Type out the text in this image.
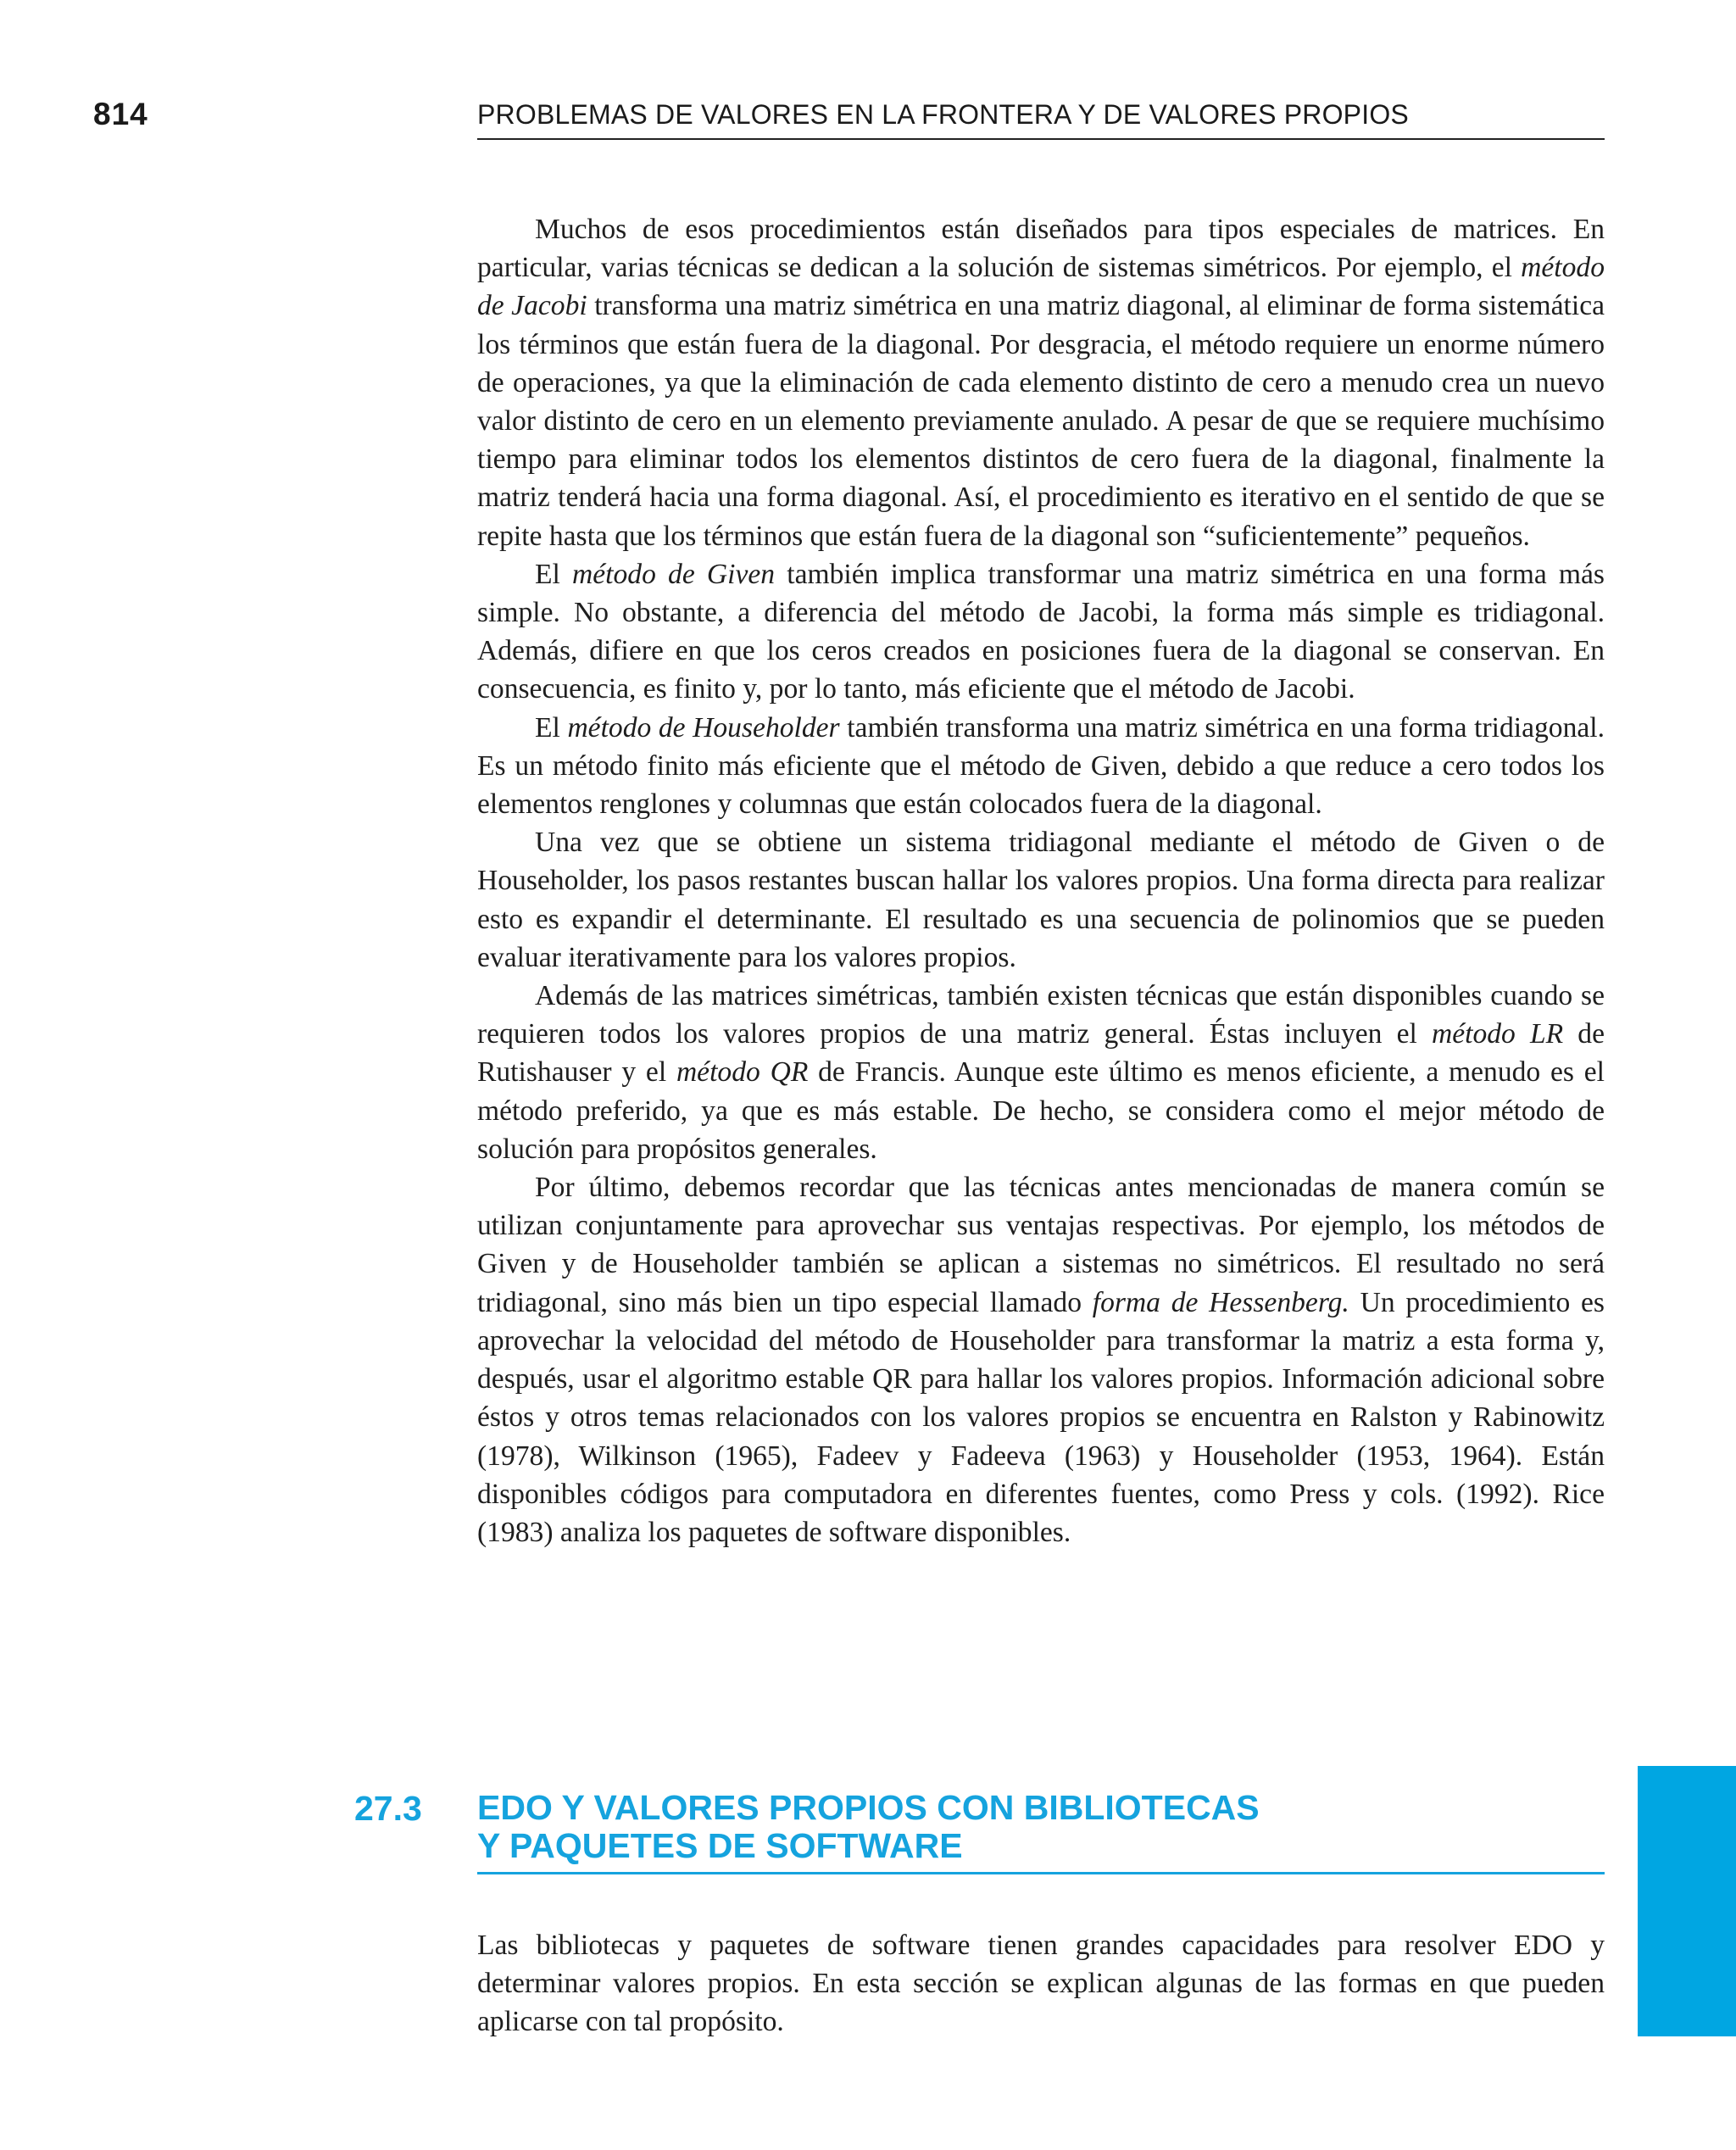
814	PROBLEMAS DE VALORES EN LA FRONTERA Y DE VALORES PROPIOS

Muchos de esos procedimientos están diseñados para tipos especiales de matrices. En particular, varias técnicas se dedican a la solución de sistemas simétricos. Por ejemplo, el método de Jacobi transforma una matriz simétrica en una matriz diagonal, al eliminar de forma sistemática los términos que están fuera de la diagonal. Por desgracia, el método requiere un enorme número de operaciones, ya que la eliminación de cada elemento distinto de cero a menudo crea un nuevo valor distinto de cero en un elemento previamente anulado. A pesar de que se requiere muchísimo tiempo para eliminar todos los elementos distintos de cero fuera de la diagonal, finalmente la matriz tenderá hacia una forma diagonal. Así, el procedimiento es iterativo en el sentido de que se repite hasta que los términos que están fuera de la diagonal son “suficientemente” pequeños.

El método de Given también implica transformar una matriz simétrica en una forma más simple. No obstante, a diferencia del método de Jacobi, la forma más simple es tridiagonal. Además, difiere en que los ceros creados en posiciones fuera de la diagonal se conservan. En consecuencia, es finito y, por lo tanto, más eficiente que el método de Jacobi.

El método de Householder también transforma una matriz simétrica en una forma tridiagonal. Es un método finito más eficiente que el método de Given, debido a que reduce a cero todos los elementos renglones y columnas que están colocados fuera de la diagonal.

Una vez que se obtiene un sistema tridiagonal mediante el método de Given o de Householder, los pasos restantes buscan hallar los valores propios. Una forma directa para realizar esto es expandir el determinante. El resultado es una secuencia de polinomios que se pueden evaluar iterativamente para los valores propios.

Además de las matrices simétricas, también existen técnicas que están disponibles cuando se requieren todos los valores propios de una matriz general. Éstas incluyen el método LR de Rutishauser y el método QR de Francis. Aunque este último es menos eficiente, a menudo es el método preferido, ya que es más estable. De hecho, se considera como el mejor método de solución para propósitos generales.

Por último, debemos recordar que las técnicas antes mencionadas de manera común se utilizan conjuntamente para aprovechar sus ventajas respectivas. Por ejemplo, los métodos de Given y de Householder también se aplican a sistemas no simétricos. El resultado no será tridiagonal, sino más bien un tipo especial llamado forma de Hessenberg. Un procedimiento es aprovechar la velocidad del método de Householder para transformar la matriz a esta forma y, después, usar el algoritmo estable QR para hallar los valores propios. Información adicional sobre éstos y otros temas relacionados con los valores propios se encuentra en Ralston y Rabinowitz (1978), Wilkinson (1965), Fadeev y Fadeeva (1963) y Householder (1953, 1964). Están disponibles códigos para computadora en diferentes fuentes, como Press y cols. (1992). Rice (1983) analiza los paquetes de software disponibles.

27.3 EDO Y VALORES PROPIOS CON BIBLIOTECAS
Y PAQUETES DE SOFTWARE

Las bibliotecas y paquetes de software tienen grandes capacidades para resolver EDO y determinar valores propios. En esta sección se explican algunas de las formas en que pueden aplicarse con tal propósito.
